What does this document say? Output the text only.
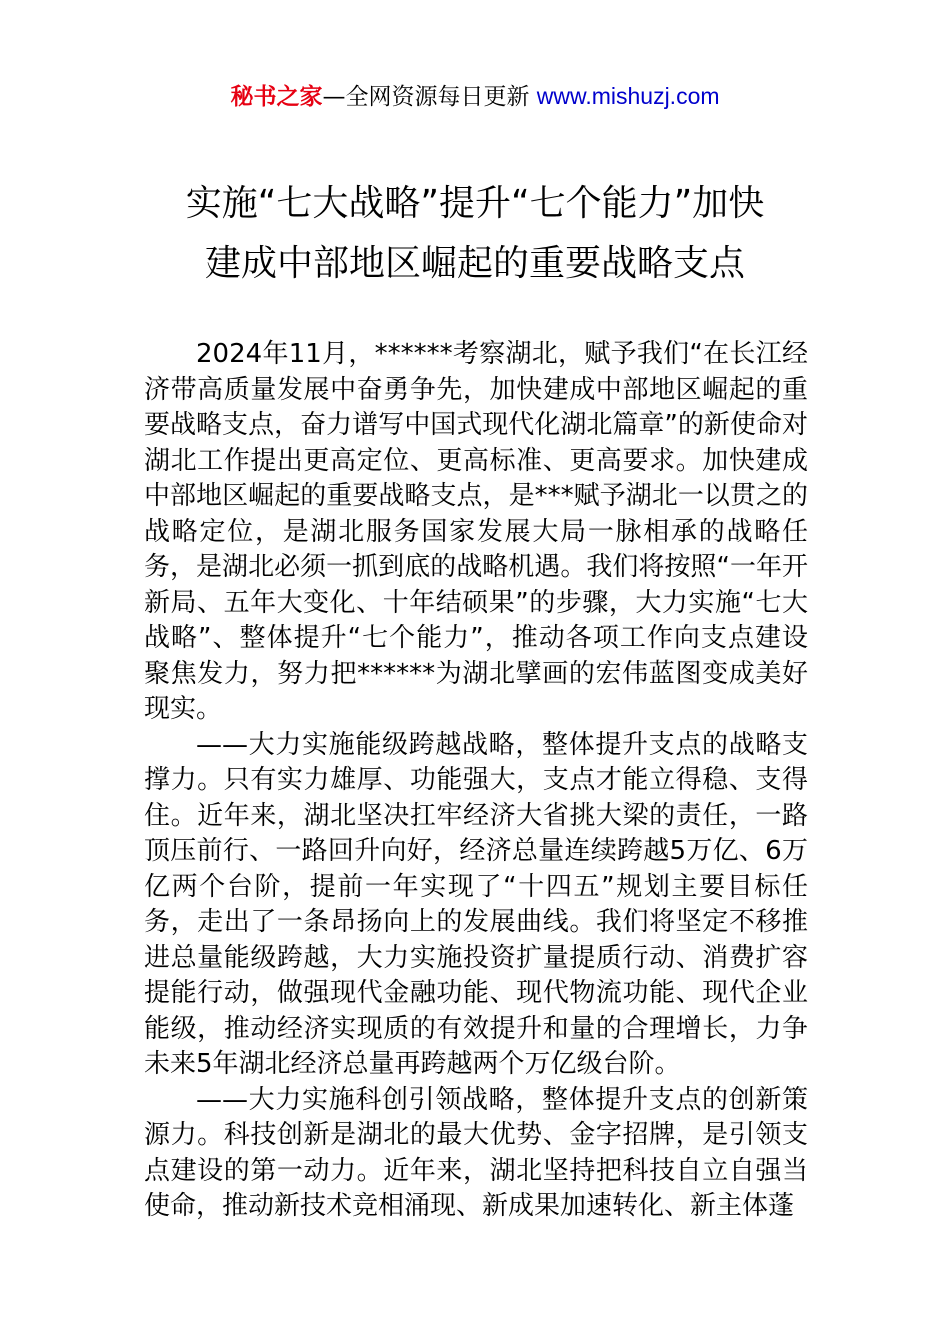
秘书之家—全网资源每日更新 www.mishuzj.com
实施“七大战略”提升“七个能力”加快
建成中部地区崛起的重要战略支点

2024年11月，******考察湖北，赋予我们“在长江经济带高质量发展中奋勇争先，加快建成中部地区崛起的重要战略支点，奋力谱写中国式现代化湖北篇章”的新使命对湖北工作提出更高定位、更高标准、更高要求。加快建成中部地区崛起的重要战略支点，是***赋予湖北一以贯之的战略定位，是湖北服务国家发展大局一脉相承的战略任务，是湖北必须一抓到底的战略机遇。我们将按照“一年开新局、五年大变化、十年结硕果”的步骤，大力实施“七大战略”、整体提升“七个能力”，推动各项工作向支点建设聚焦发力，努力把******为湖北擘画的宏伟蓝图变成美好现实。

——大力实施能级跨越战略，整体提升支点的战略支撑力。只有实力雄厚、功能强大，支点才能立得稳、支得住。近年来，湖北坚决扛牢经济大省挑大梁的责任，一路顶压前行、一路回升向好，经济总量连续跨越5万亿、6万亿两个台阶，提前一年实现了“十四五”规划主要目标任务，走出了一条昂扬向上的发展曲线。我们将坚定不移推进总量能级跨越，大力实施投资扩量提质行动、消费扩容提能行动，做强现代金融功能、现代物流功能、现代企业能级，推动经济实现质的有效提升和量的合理增长，力争未来5年湖北经济总量再跨越两个万亿级台阶。

——大力实施科创引领战略，整体提升支点的创新策源力。科技创新是湖北的最大优势、金字招牌，是引领支点建设的第一动力。近年来，湖北坚持把科技自立自强当使命，推动新技术竞相涌现、新成果加速转化、新主体蓬
